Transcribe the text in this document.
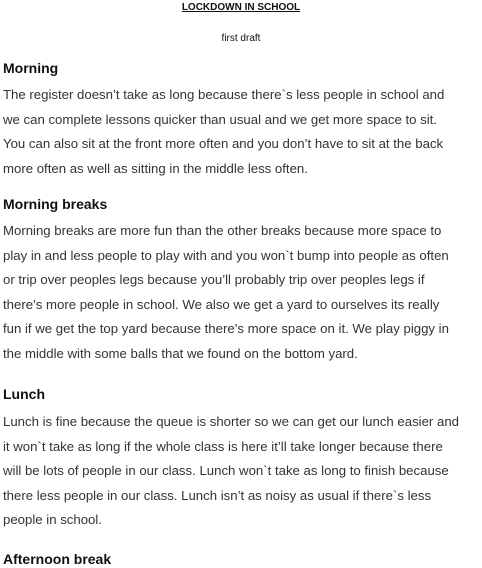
LOCKDOWN IN SCHOOL
first draft
Morning
The register doesn’t take as long because there`s less people in school and
we can complete lessons quicker than usual and we get more space to sit.
You can also sit at the front more often and you don’t have to sit at the back
more often as well as sitting in the middle less often.
Morning breaks
Morning breaks are more fun than the other breaks because more space to
play in and less people to play with and you won`t bump into people as often
or trip over peoples legs because you’ll probably trip over peoples legs if
there’s more people in school. We also we get a yard to ourselves its really
fun if we get the top yard because there’s more space on it. We play piggy in
the middle with some balls that we found on the bottom yard.
Lunch
Lunch is fine because the queue is shorter so we can get our lunch easier and
it won`t take as long if the whole class is here it’ll take longer because there
will be lots of people in our class. Lunch won`t take as long to finish because
there less people in our class. Lunch isn’t as noisy as usual if there`s less
people in school.
Afternoon break
